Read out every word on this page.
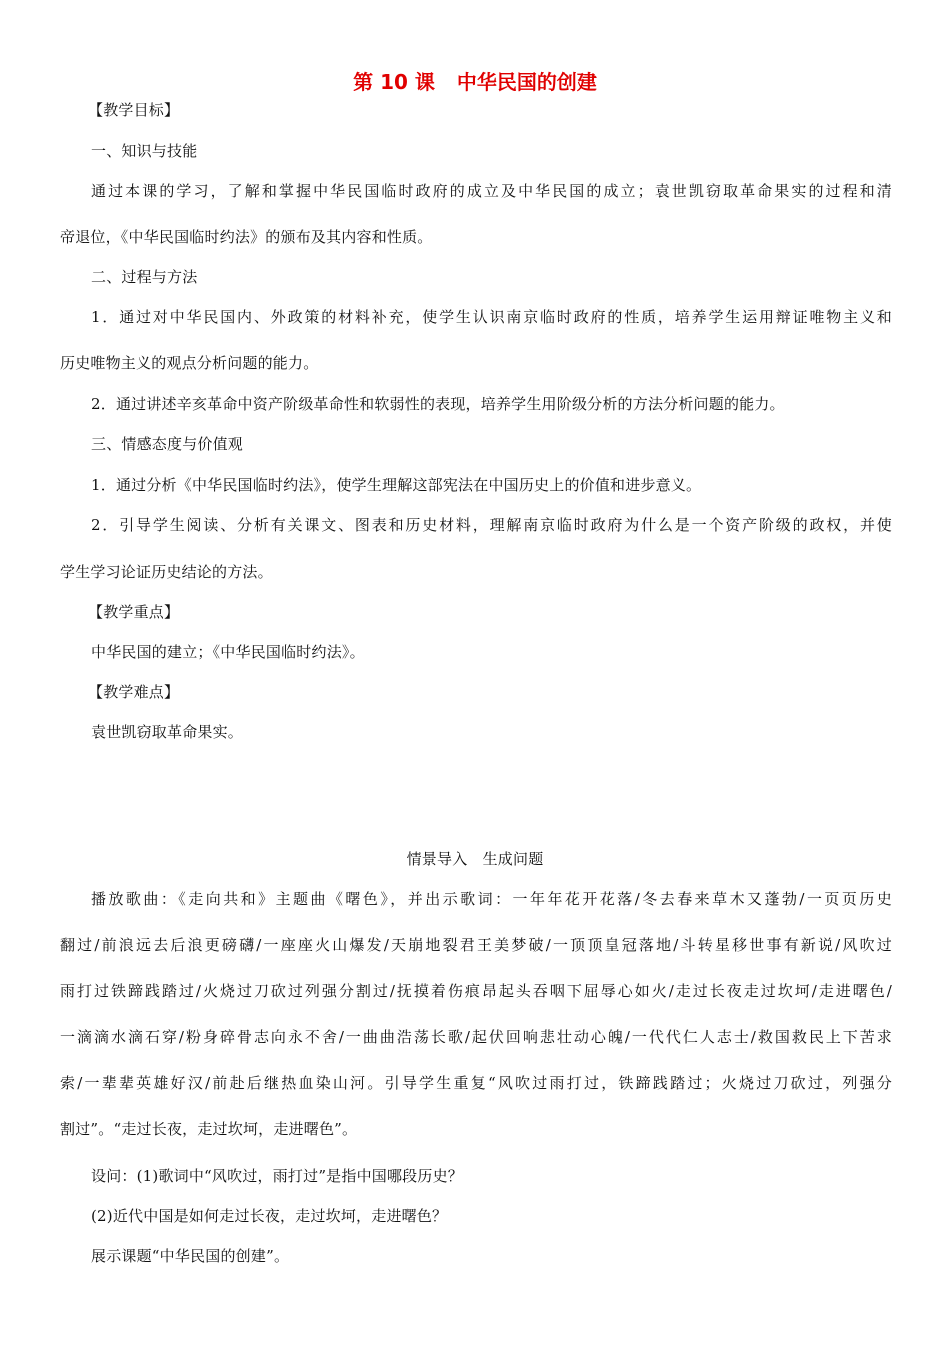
第 10 课 中华民国的创建
【教学目标】
一、知识与技能
通过本课的学习，了解和掌握中华民国临时政府的成立及中华民国的成立；袁世凯窃取革命果实的过程和清
帝退位，《中华民国临时约法》的颁布及其内容和性质。
二、过程与方法
1．通过对中华民国内、外政策的材料补充，使学生认识南京临时政府的性质，培养学生运用辩证唯物主义和
历史唯物主义的观点分析问题的能力。
2．通过讲述辛亥革命中资产阶级革命性和软弱性的表现，培养学生用阶级分析的方法分析问题的能力。
三、情感态度与价值观
1．通过分析《中华民国临时约法》，使学生理解这部宪法在中国历史上的价值和进步意义。
2．引导学生阅读、分析有关课文、图表和历史材料，理解南京临时政府为什么是一个资产阶级的政权，并使
学生学习论证历史结论的方法。
【教学重点】
中华民国的建立；《中华民国临时约法》。
【教学难点】
袁世凯窃取革命果实。
情景导入　生成问题
播放歌曲：《走向共和》主题曲《曙色》，并出示歌词：一年年花开花落/冬去春来草木又蓬勃/一页页历史
翻过/前浪远去后浪更磅礴/一座座火山爆发/天崩地裂君王美梦破/一顶顶皇冠落地/斗转星移世事有新说/风吹过
雨打过铁蹄践踏过/火烧过刀砍过列强分割过/抚摸着伤痕昂起头吞咽下屈辱心如火/走过长夜走过坎坷/走进曙色/
一滴滴水滴石穿/粉身碎骨志向永不舍/一曲曲浩荡长歌/起伏回响悲壮动心魄/一代代仁人志士/救国救民上下苦求
索/一辈辈英雄好汉/前赴后继热血染山河。引导学生重复“风吹过雨打过，铁蹄践踏过；火烧过刀砍过，列强分
割过”。“走过长夜，走过坎坷，走进曙色”。
设问：(1)歌词中“风吹过，雨打过”是指中国哪段历史？
(2)近代中国是如何走过长夜，走过坎坷，走进曙色？
展示课题“中华民国的创建”。
